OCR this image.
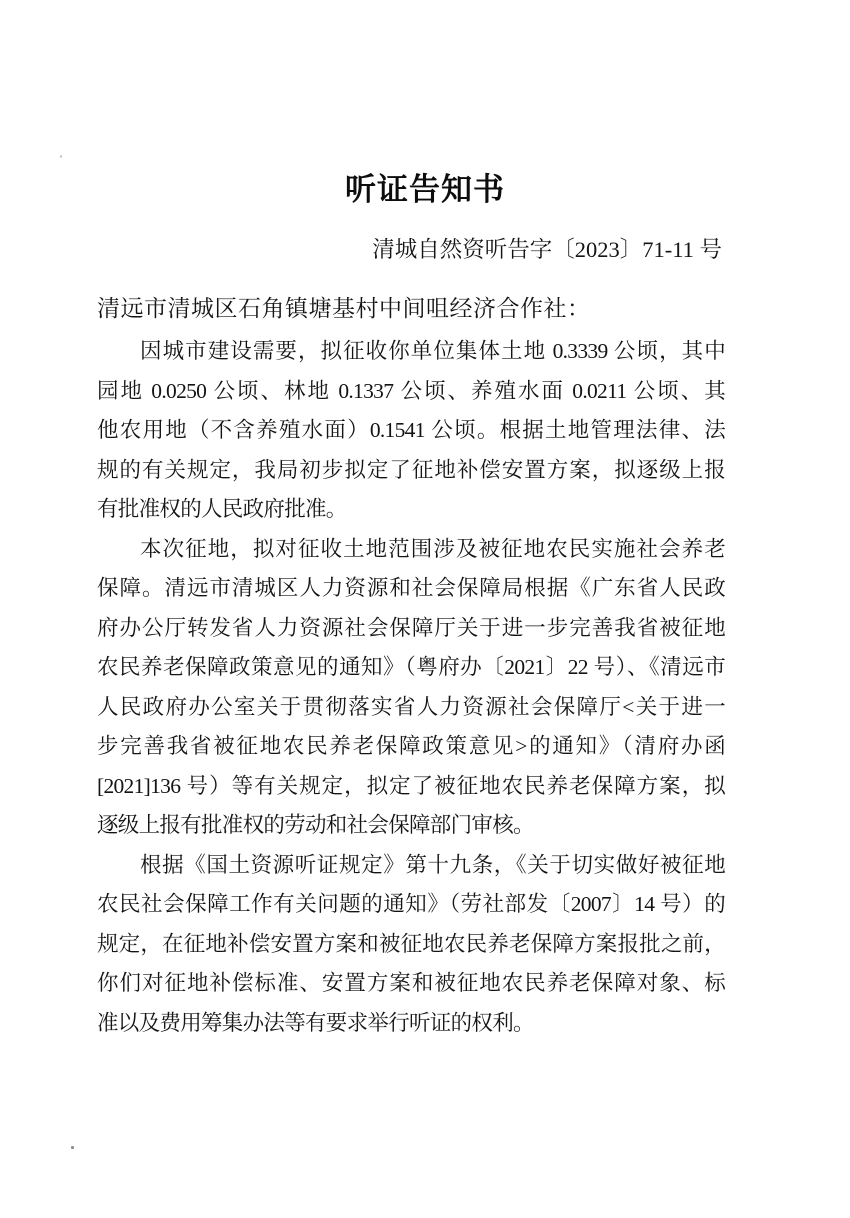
听证告知书
清城自然资听告字〔2023〕71-11 号
清远市清城区石角镇塘基村中间咀经济合作社：
因城市建设需要，拟征收你单位集体土地 0.3339 公顷，其中
园地 0.0250 公顷、林地 0.1337 公顷、养殖水面 0.0211 公顷、其
他农用地（不含养殖水面）0.1541 公顷。根据土地管理法律、法
规的有关规定，我局初步拟定了征地补偿安置方案，拟逐级上报
有批准权的人民政府批准。
本次征地，拟对征收土地范围涉及被征地农民实施社会养老
保障。清远市清城区人力资源和社会保障局根据《广东省人民政
府办公厅转发省人力资源社会保障厅关于进一步完善我省被征地
农民养老保障政策意见的通知》（粤府办〔2021〕22 号）、《清远市
人民政府办公室关于贯彻落实省人力资源社会保障厅<关于进一
步完善我省被征地农民养老保障政策意见>的通知》（清府办函
[2021]136 号）等有关规定，拟定了被征地农民养老保障方案，拟
逐级上报有批准权的劳动和社会保障部门审核。
根据《国土资源听证规定》第十九条，《关于切实做好被征地
农民社会保障工作有关问题的通知》（劳社部发〔2007〕14 号）的
规定，在征地补偿安置方案和被征地农民养老保障方案报批之前，
你们对征地补偿标准、安置方案和被征地农民养老保障对象、标
准以及费用筹集办法等有要求举行听证的权利。
